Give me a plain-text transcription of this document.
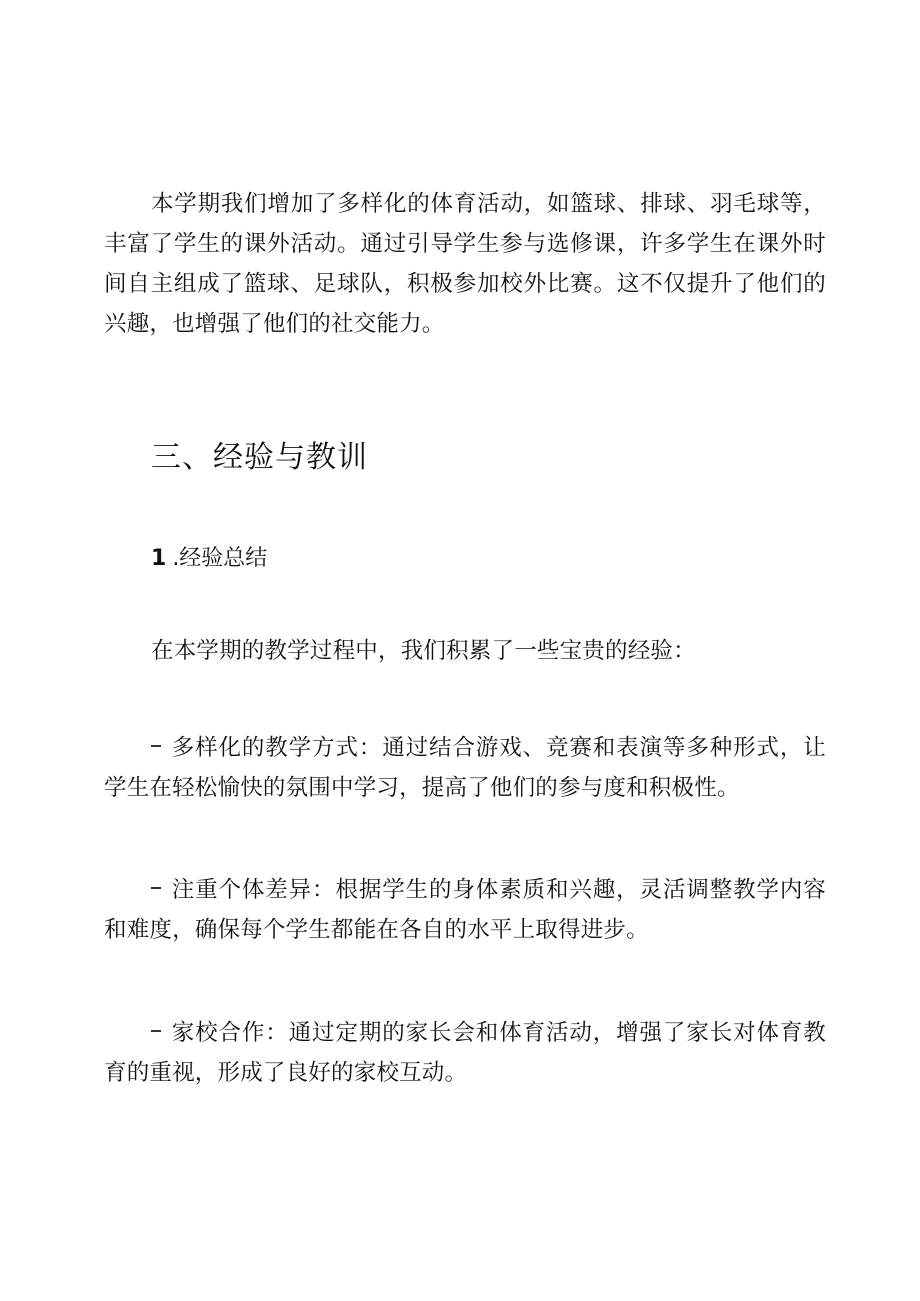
本学期我们增加了多样化的体育活动，如篮球、排球、羽毛球等，丰富了学生的课外活动。通过引导学生参与选修课，许多学生在课外时间自主组成了篮球、足球队，积极参加校外比赛。这不仅提升了他们的兴趣，也增强了他们的社交能力。

三、经验与教训
1 .经验总结

在本学期的教学过程中，我们积累了一些宝贵的经验：

多样化的教学方式：通过结合游戏、竞赛和表演等多种形式，让学生在轻松愉快的氛围中学习，提高了他们的参与度和积极性。

注重个体差异：根据学生的身体素质和兴趣，灵活调整教学内容和难度，确保每个学生都能在各自的水平上取得进步。

家校合作：通过定期的家长会和体育活动，增强了家长对体育教育的重视，形成了良好的家校互动。
